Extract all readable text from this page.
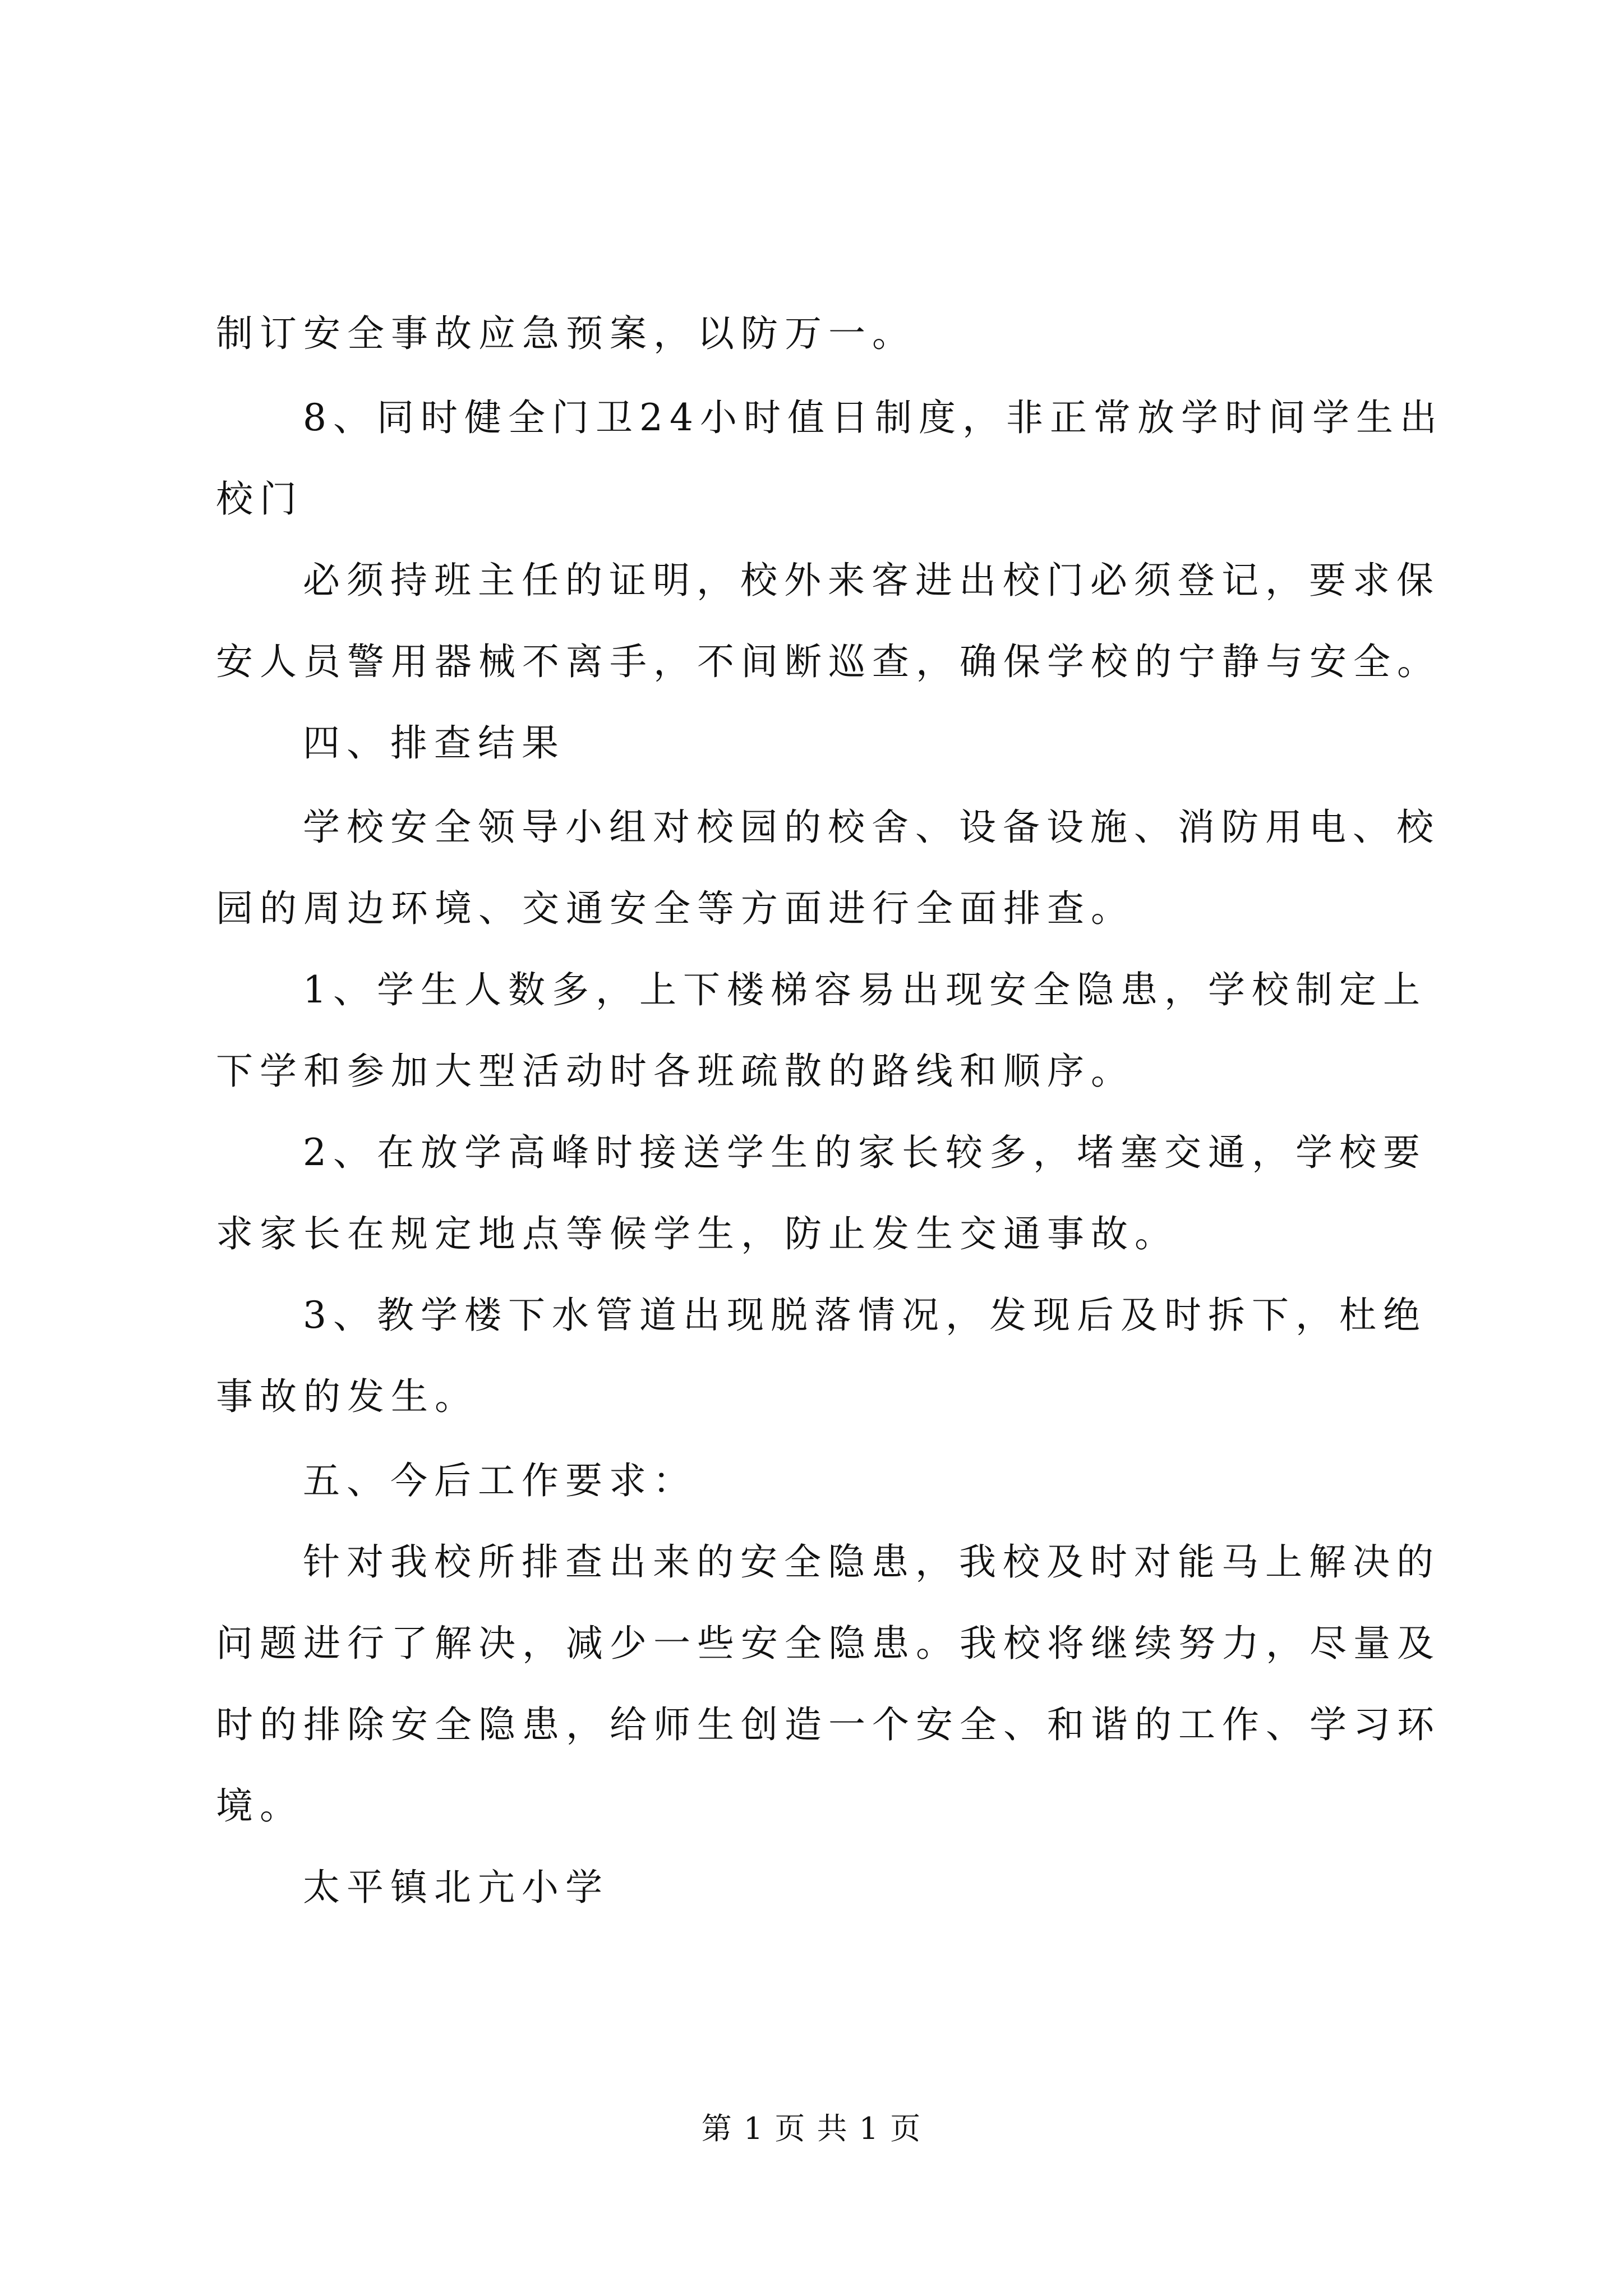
制订安全事故应急预案，以防万一。

8、同时健全门卫24小时值日制度，非正常放学时间学生出

校门

必须持班主任的证明，校外来客进出校门必须登记，要求保

安人员警用器械不离手，不间断巡查，确保学校的宁静与安全。

四、排查结果

学校安全领导小组对校园的校舍、设备设施、消防用电、校

园的周边环境、交通安全等方面进行全面排查。

1、学生人数多，上下楼梯容易出现安全隐患，学校制定上

下学和参加大型活动时各班疏散的路线和顺序。

2、在放学高峰时接送学生的家长较多，堵塞交通，学校要

求家长在规定地点等候学生，防止发生交通事故。

3、教学楼下水管道出现脱落情况，发现后及时拆下，杜绝

事故的发生。

五、今后工作要求：

针对我校所排查出来的安全隐患，我校及时对能马上解决的

问题进行了解决，减少一些安全隐患。我校将继续努力，尽量及

时的排除安全隐患，给师生创造一个安全、和谐的工作、学习环

境。

太平镇北亢小学

第 1 页 共 1 页
